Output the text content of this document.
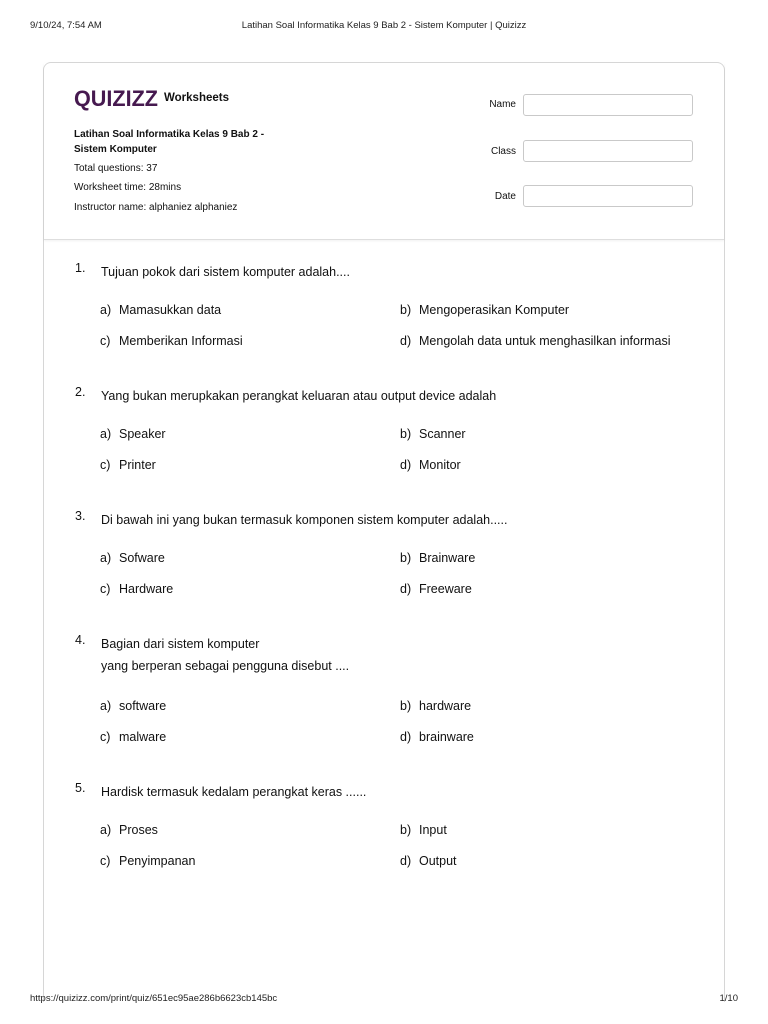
9/10/24, 7:54 AM	Latihan Soal Informatika Kelas 9 Bab 2 - Sistem Komputer | Quizizz
QUIZIZZ Worksheets
Latihan Soal Informatika Kelas 9 Bab 2 -
Sistem Komputer
Total questions: 37
Worksheet time: 28mins
Instructor name: alphaniez alphaniez
Name
Class
Date
1.	Tujuan pokok dari sistem komputer adalah....
a) Mamasukkan data	b) Mengoperasikan Komputer
c) Memberikan Informasi	d) Mengolah data untuk menghasilkan informasi
2.	Yang bukan merupkakan perangkat keluaran atau output device adalah
a) Speaker	b) Scanner
c) Printer	d) Monitor
3.	Di bawah ini yang bukan termasuk komponen sistem komputer adalah.....
a) Sofware	b) Brainware
c) Hardware	d) Freeware
4.	Bagian dari sistem komputer
yang berperan sebagai pengguna disebut ....
a) software	b) hardware
c) malware	d) brainware
5.	Hardisk termasuk kedalam perangkat keras ......
a) Proses	b) Input
c) Penyimpanan	d) Output
https://quizizz.com/print/quiz/651ec95ae286b6623cb145bc	1/10
